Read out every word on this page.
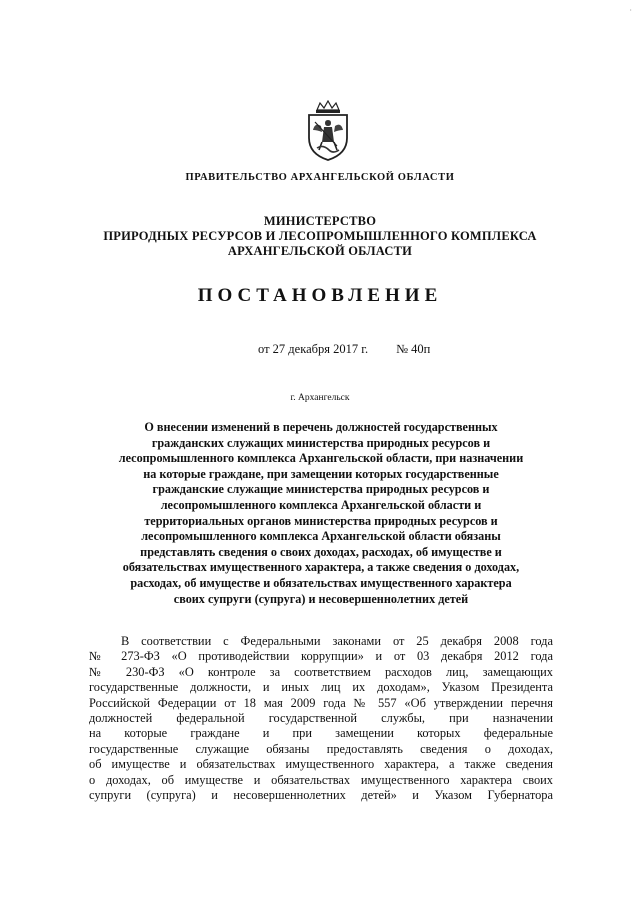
·
ПРАВИТЕЛЬСТВО АРХАНГЕЛЬСКОЙ ОБЛАСТИ
МИНИСТЕРСТВО
ПРИРОДНЫХ РЕСУРСОВ И ЛЕСОПРОМЫШЛЕННОГО КОМПЛЕКСА
АРХАНГЕЛЬСКОЙ ОБЛАСТИ
ПОСТАНОВЛЕНИЕ
от 27 декабря 2017 г. № 40п
г. Архангельск
О внесении изменений в перечень должностей государственных
гражданских служащих министерства природных ресурсов и
лесопромышленного комплекса Архангельской области, при назначении
на которые граждане, при замещении которых государственные
гражданские служащие министерства природных ресурсов и
лесопромышленного комплекса Архангельской области и
территориальных органов министерства природных ресурсов и
лесопромышленного комплекса Архангельской области обязаны
представлять сведения о своих доходах, расходах, об имуществе и
обязательствах имущественного характера, а также сведения о доходах,
расходах, об имуществе и обязательствах имущественного характера
своих супруги (супруга) и несовершеннолетних детей
В соответствии с Федеральными законами от 25 декабря 2008 года
№ 273-ФЗ «О противодействии коррупции» и от 03 декабря 2012 года
№ 230-ФЗ «О контроле за соответствием расходов лиц, замещающих
государственные должности, и иных лиц их доходам», Указом Президента
Российской Федерации от 18 мая 2009 года № 557 «Об утверждении перечня
должностей федеральной государственной службы, при назначении
на которые граждане и при замещении которых федеральные
государственные служащие обязаны предоставлять сведения о доходах,
об имуществе и обязательствах имущественного характера, а также сведения
о доходах, об имуществе и обязательствах имущественного характера своих
супруги (супруга) и несовершеннолетних детей» и Указом Губернатора
